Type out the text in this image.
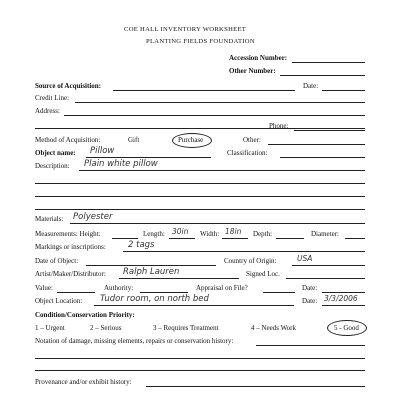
COE HALL INVENTORY WORKSHEET
PLANTING FIELDS FOUNDATION
Accession Number:
Other Number:
Source of Acquisition:	Date:
Credit Line:
Address:
Phone:
Method of Acquisition:	Gift	Purchase	Other:
Object name: Pillow	Classification:
Description: Plain white pillow
Materials: Polyester
Measurements: Height:	Length: 30in Width: 18in Depth:	Diameter:
Markings or inscriptions:	2 tags
Date of Object:	Country of Origin:	USA
Artist/Maker/Distributor: Ralph Lauren	Signed Loc.
Value:	Authority:	Appraisal on File?	Date:
Object Location: Tudor room, on north bed	Date: 3/3/2006
Condition/Conservation Priority:
1 – Urgent	2 – Serious	3 – Requires Treatment	4 – Needs Work	5 - Good
Notation of damage, missing elements, repairs or conservation history:
Provenance and/or exhibit history:
